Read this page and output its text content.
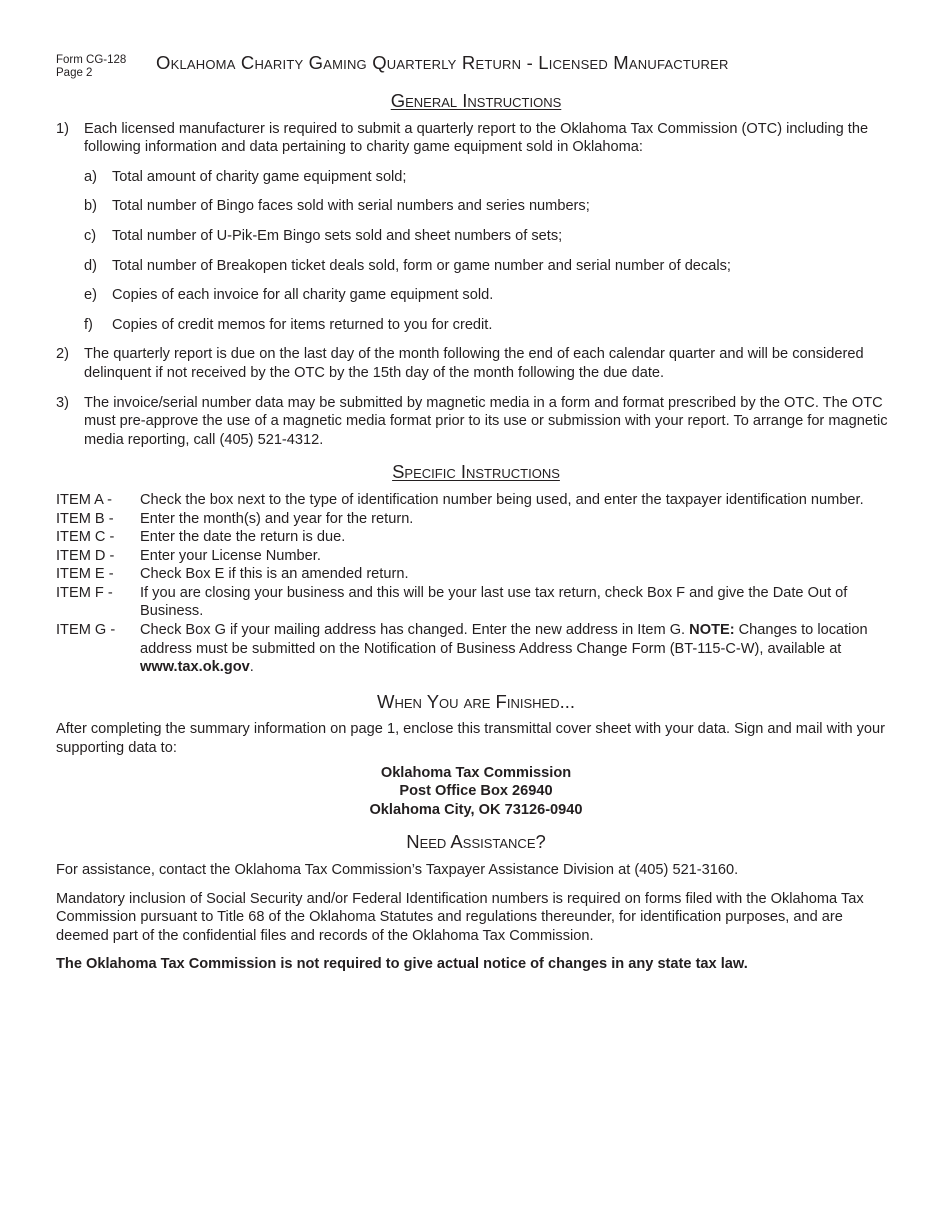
Form CG-128
Page 2	Oklahoma Charity Gaming Quarterly Return - Licensed Manufacturer
General Instructions
1)	Each licensed manufacturer is required to submit a quarterly report to the Oklahoma Tax Commission (OTC) including the following information and data pertaining to charity game equipment sold in Oklahoma:
a)	Total amount of charity game equipment sold;
b)	Total number of Bingo faces sold with serial numbers and series numbers;
c)	Total number of U-Pik-Em Bingo sets sold and sheet numbers of sets;
d)	Total number of Breakopen ticket deals sold, form or game number and serial number of decals;
e)	Copies of each invoice for all charity game equipment sold.
f)	Copies of credit memos for items returned to you for credit.
2)	The quarterly report is due on the last day of the month following the end of each calendar quarter and will be considered delinquent if not received by the OTC by the 15th day of the month following the due date.
3)	The invoice/serial number data may be submitted by magnetic media in a form and format prescribed by the OTC. The OTC must pre-approve the use of a magnetic media format prior to its use or submission with your report. To arrange for magnetic media reporting, call (405) 521-4312.
Specific Instructions
ITEM A -	Check the box next to the type of identification number being used, and enter the taxpayer identification number.
ITEM B -	Enter the month(s) and year for the return.
ITEM C -	Enter the date the return is due.
ITEM D -	Enter your License Number.
ITEM E -	Check Box E if this is an amended return.
ITEM F -	If you are closing your business and this will be your last use tax return, check Box F and give the Date Out of Business.
ITEM G -	Check Box G if your mailing address has changed. Enter the new address in Item G. NOTE: Changes to location address must be submitted on the Notification of Business Address Change Form (BT-115-C-W), available at www.tax.ok.gov.
When You are Finished...

After completing the summary information on page 1, enclose this transmittal cover sheet with your data. Sign and mail with your supporting data to:

Oklahoma Tax Commission
Post Office Box 26940
Oklahoma City, OK 73126-0940
Need Assistance?

For assistance, contact the Oklahoma Tax Commission’s Taxpayer Assistance Division at (405) 521-3160.

Mandatory inclusion of Social Security and/or Federal Identification numbers is required on forms filed with the Oklahoma Tax Commission pursuant to Title 68 of the Oklahoma Statutes and regulations thereunder, for identification purposes, and are deemed part of the confidential files and records of the Oklahoma Tax Commission.

The Oklahoma Tax Commission is not required to give actual notice of changes in any state tax law.
